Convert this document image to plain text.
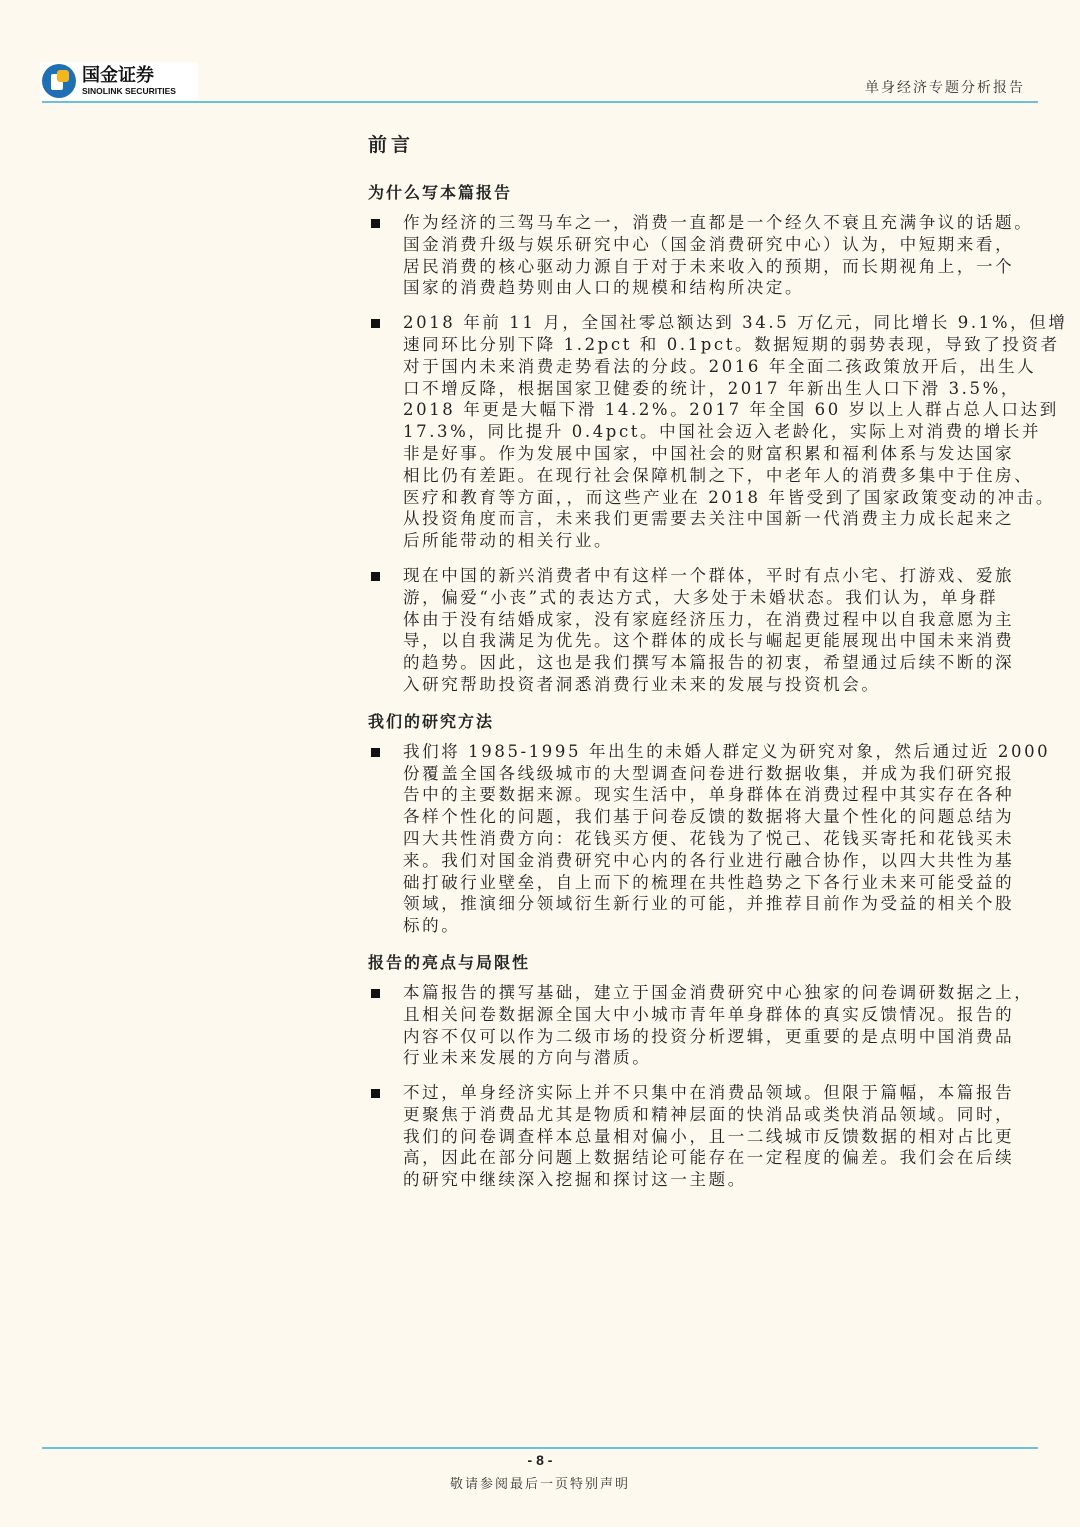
国金证券
SINOLINK SECURITIES	单身经济专题分析报告
前言
为什么写本篇报告
作为经济的三驾马车之一，消费一直都是一个经久不衰且充满争议的话题。
国金消费升级与娱乐研究中心（国金消费研究中心）认为，中短期来看，
居民消费的核心驱动力源自于对于未来收入的预期，而长期视角上，一个
国家的消费趋势则由人口的规模和结构所决定。
2018 年前 11 月，全国社零总额达到 34.5 万亿元，同比增长 9.1%，但增
速同环比分别下降 1.2pct 和 0.1pct。数据短期的弱势表现，导致了投资者
对于国内未来消费走势看法的分歧。2016 年全面二孩政策放开后，出生人
口不增反降，根据国家卫健委的统计，2017 年新出生人口下滑 3.5%，
2018 年更是大幅下滑 14.2%。2017 年全国 60 岁以上人群占总人口达到
17.3%，同比提升 0.4pct。中国社会迈入老龄化，实际上对消费的增长并
非是好事。作为发展中国家，中国社会的财富积累和福利体系与发达国家
相比仍有差距。在现行社会保障机制之下，中老年人的消费多集中于住房、
医疗和教育等方面，，而这些产业在 2018 年皆受到了国家政策变动的冲击。
从投资角度而言，未来我们更需要去关注中国新一代消费主力成长起来之
后所能带动的相关行业。
现在中国的新兴消费者中有这样一个群体，平时有点小宅、打游戏、爱旅
游，偏爱“小丧”式的表达方式，大多处于未婚状态。我们认为，单身群
体由于没有结婚成家，没有家庭经济压力，在消费过程中以自我意愿为主
导，以自我满足为优先。这个群体的成长与崛起更能展现出中国未来消费
的趋势。因此，这也是我们撰写本篇报告的初衷，希望通过后续不断的深
入研究帮助投资者洞悉消费行业未来的发展与投资机会。
我们的研究方法
我们将 1985-1995 年出生的未婚人群定义为研究对象，然后通过近 2000
份覆盖全国各线级城市的大型调查问卷进行数据收集，并成为我们研究报
告中的主要数据来源。现实生活中，单身群体在消费过程中其实存在各种
各样个性化的问题，我们基于问卷反馈的数据将大量个性化的问题总结为
四大共性消费方向：花钱买方便、花钱为了悦己、花钱买寄托和花钱买未
来。我们对国金消费研究中心内的各行业进行融合协作，以四大共性为基
础打破行业壁垒，自上而下的梳理在共性趋势之下各行业未来可能受益的
领域，推演细分领域衍生新行业的可能，并推荐目前作为受益的相关个股
标的。
报告的亮点与局限性
本篇报告的撰写基础，建立于国金消费研究中心独家的问卷调研数据之上，
且相关问卷数据源全国大中小城市青年单身群体的真实反馈情况。报告的
内容不仅可以作为二级市场的投资分析逻辑，更重要的是点明中国消费品
行业未来发展的方向与潜质。
不过，单身经济实际上并不只集中在消费品领域。但限于篇幅，本篇报告
更聚焦于消费品尤其是物质和精神层面的快消品或类快消品领域。同时，
我们的问卷调查样本总量相对偏小，且一二线城市反馈数据的相对占比更
高，因此在部分问题上数据结论可能存在一定程度的偏差。我们会在后续
的研究中继续深入挖掘和探讨这一主题。
- 8 -
敬请参阅最后一页特别声明
